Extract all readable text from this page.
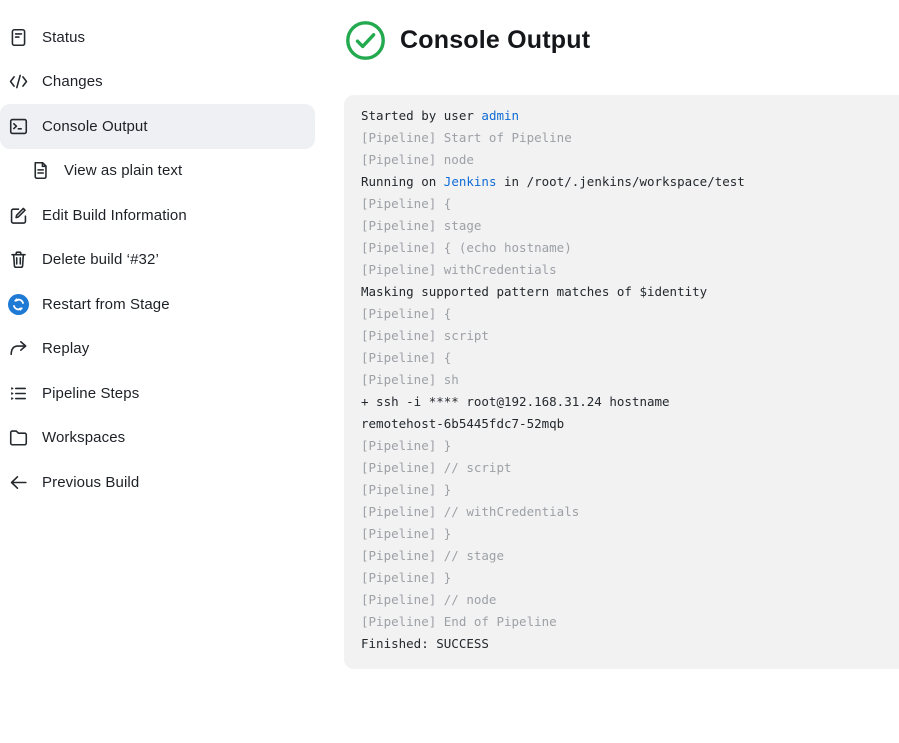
Status
Changes
Console Output
View as plain text
Edit Build Information
Delete build ‘#32’
Restart from Stage
Replay
Pipeline Steps
Workspaces
Previous Build
Console Output
Started by user admin
[Pipeline] Start of Pipeline
[Pipeline] node
Running on Jenkins in /root/.jenkins/workspace/test
[Pipeline] {
[Pipeline] stage
[Pipeline] { (echo hostname)
[Pipeline] withCredentials
Masking supported pattern matches of $identity
[Pipeline] {
[Pipeline] script
[Pipeline] {
[Pipeline] sh
+ ssh -i **** root@192.168.31.24 hostname
remotehost-6b5445fdc7-52mqb
[Pipeline] }
[Pipeline] // script
[Pipeline] }
[Pipeline] // withCredentials
[Pipeline] }
[Pipeline] // stage
[Pipeline] }
[Pipeline] // node
[Pipeline] End of Pipeline
Finished: SUCCESS
